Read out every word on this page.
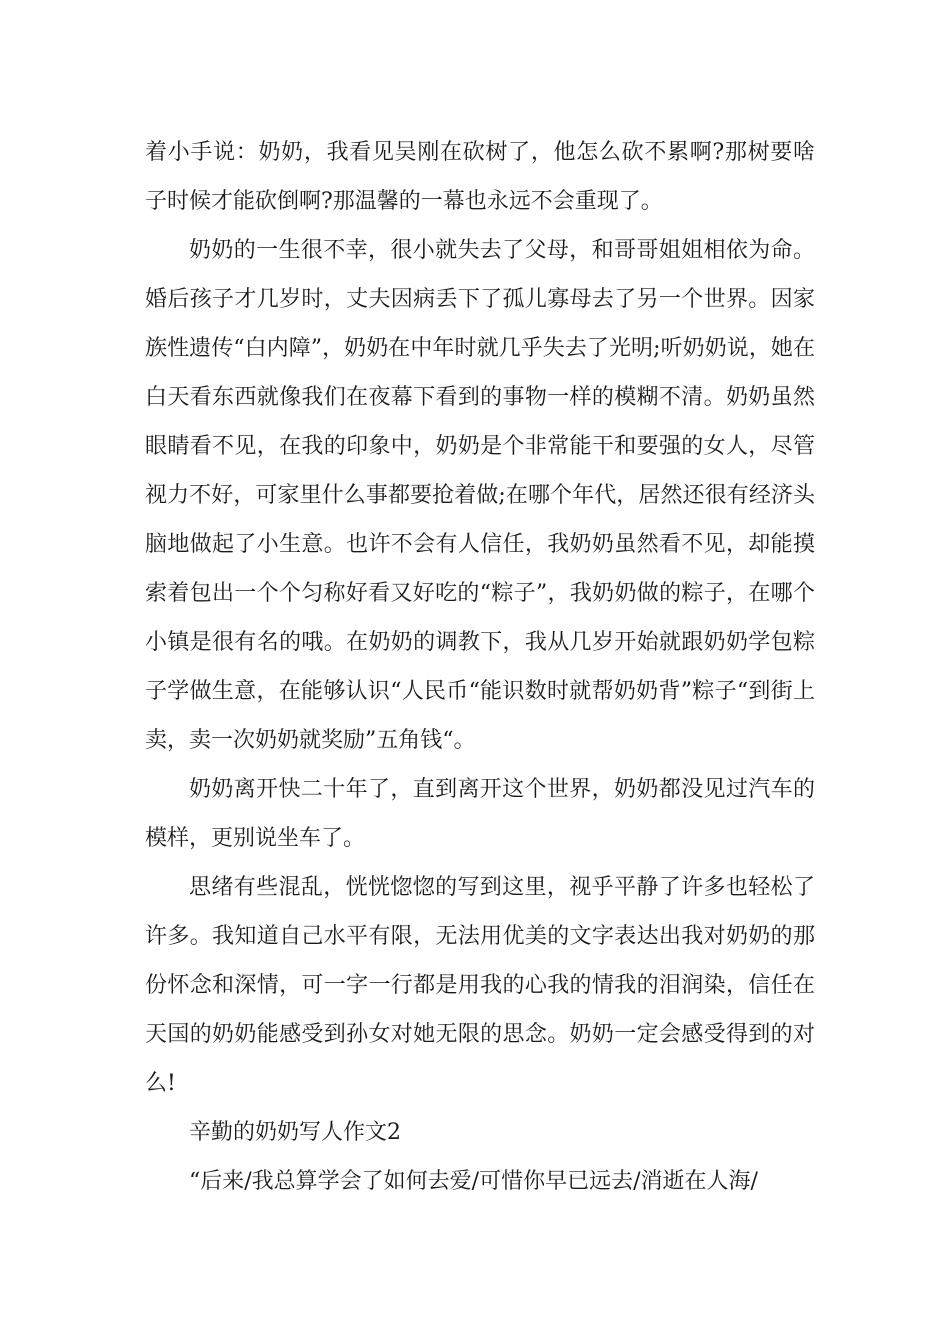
着小手说：奶奶，我看见吴刚在砍树了，他怎么砍不累啊?那树要啥子时候才能砍倒啊?那温馨的一幕也永远不会重现了。

奶奶的一生很不幸，很小就失去了父母，和哥哥姐姐相依为命。婚后孩子才几岁时，丈夫因病丢下了孤儿寡母去了另一个世界。因家族性遗传“白内障”，奶奶在中年时就几乎失去了光明;听奶奶说，她在白天看东西就像我们在夜幕下看到的事物一样的模糊不清。奶奶虽然眼睛看不见，在我的印象中，奶奶是个非常能干和要强的女人，尽管视力不好，可家里什么事都要抢着做;在哪个年代，居然还很有经济头脑地做起了小生意。也许不会有人信任，我奶奶虽然看不见，却能摸索着包出一个个匀称好看又好吃的“粽子”，我奶奶做的粽子，在哪个小镇是很有名的哦。在奶奶的调教下，我从几岁开始就跟奶奶学包粽子学做生意，在能够认识“人民币“能识数时就帮奶奶背”粽子“到街上卖，卖一次奶奶就奖励”五角钱“。

奶奶离开快二十年了，直到离开这个世界，奶奶都没见过汽车的模样，更别说坐车了。

思绪有些混乱，恍恍惚惚的写到这里，视乎平静了许多也轻松了许多。我知道自己水平有限，无法用优美的文字表达出我对奶奶的那份怀念和深情，可一字一行都是用我的心我的情我的泪润染，信任在天国的奶奶能感受到孙女对她无限的思念。奶奶一定会感受得到的对么!

辛勤的奶奶写人作文2

“后来/我总算学会了如何去爱/可惜你早已远去/消逝在人海/
